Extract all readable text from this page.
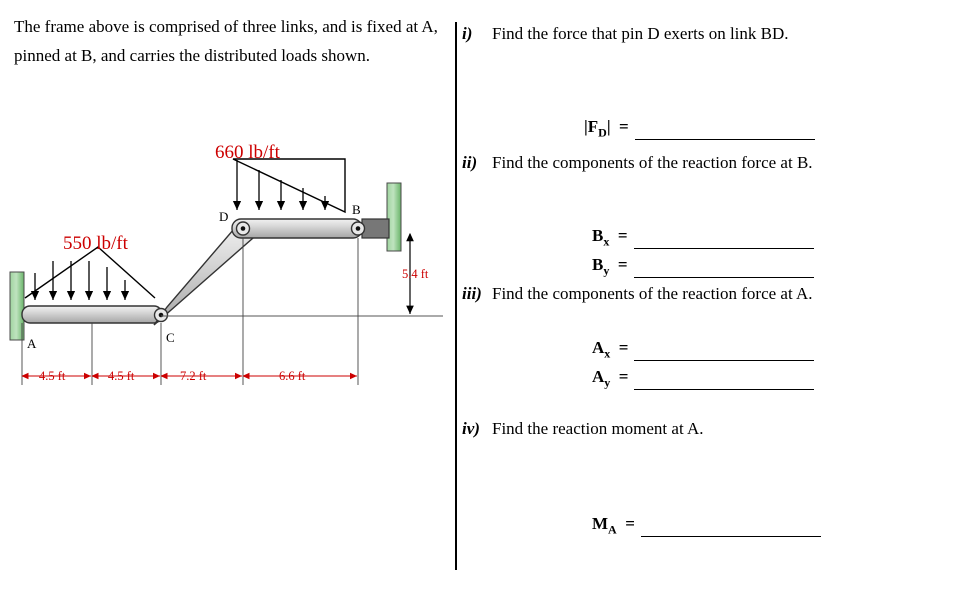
The frame above is comprised of three links, and is fixed at A, pinned at B, and carries the distributed loads shown.
660 lb/ft
550 lb/ft
A
B
C
D
4.5 ft	4.5 ft	7.2 ft	6.6 ft
5.4 ft
i)	Find the force that pin D exerts on link BD.
$|F_D|$  =
ii) Find the components of the reaction force at B.
$B_x$  =
$B_y$  =
iii) Find the components of the reaction force at A.
$A_x$  =
$A_y$  =
iv) Find the reaction moment at A.
$M_A$  =
